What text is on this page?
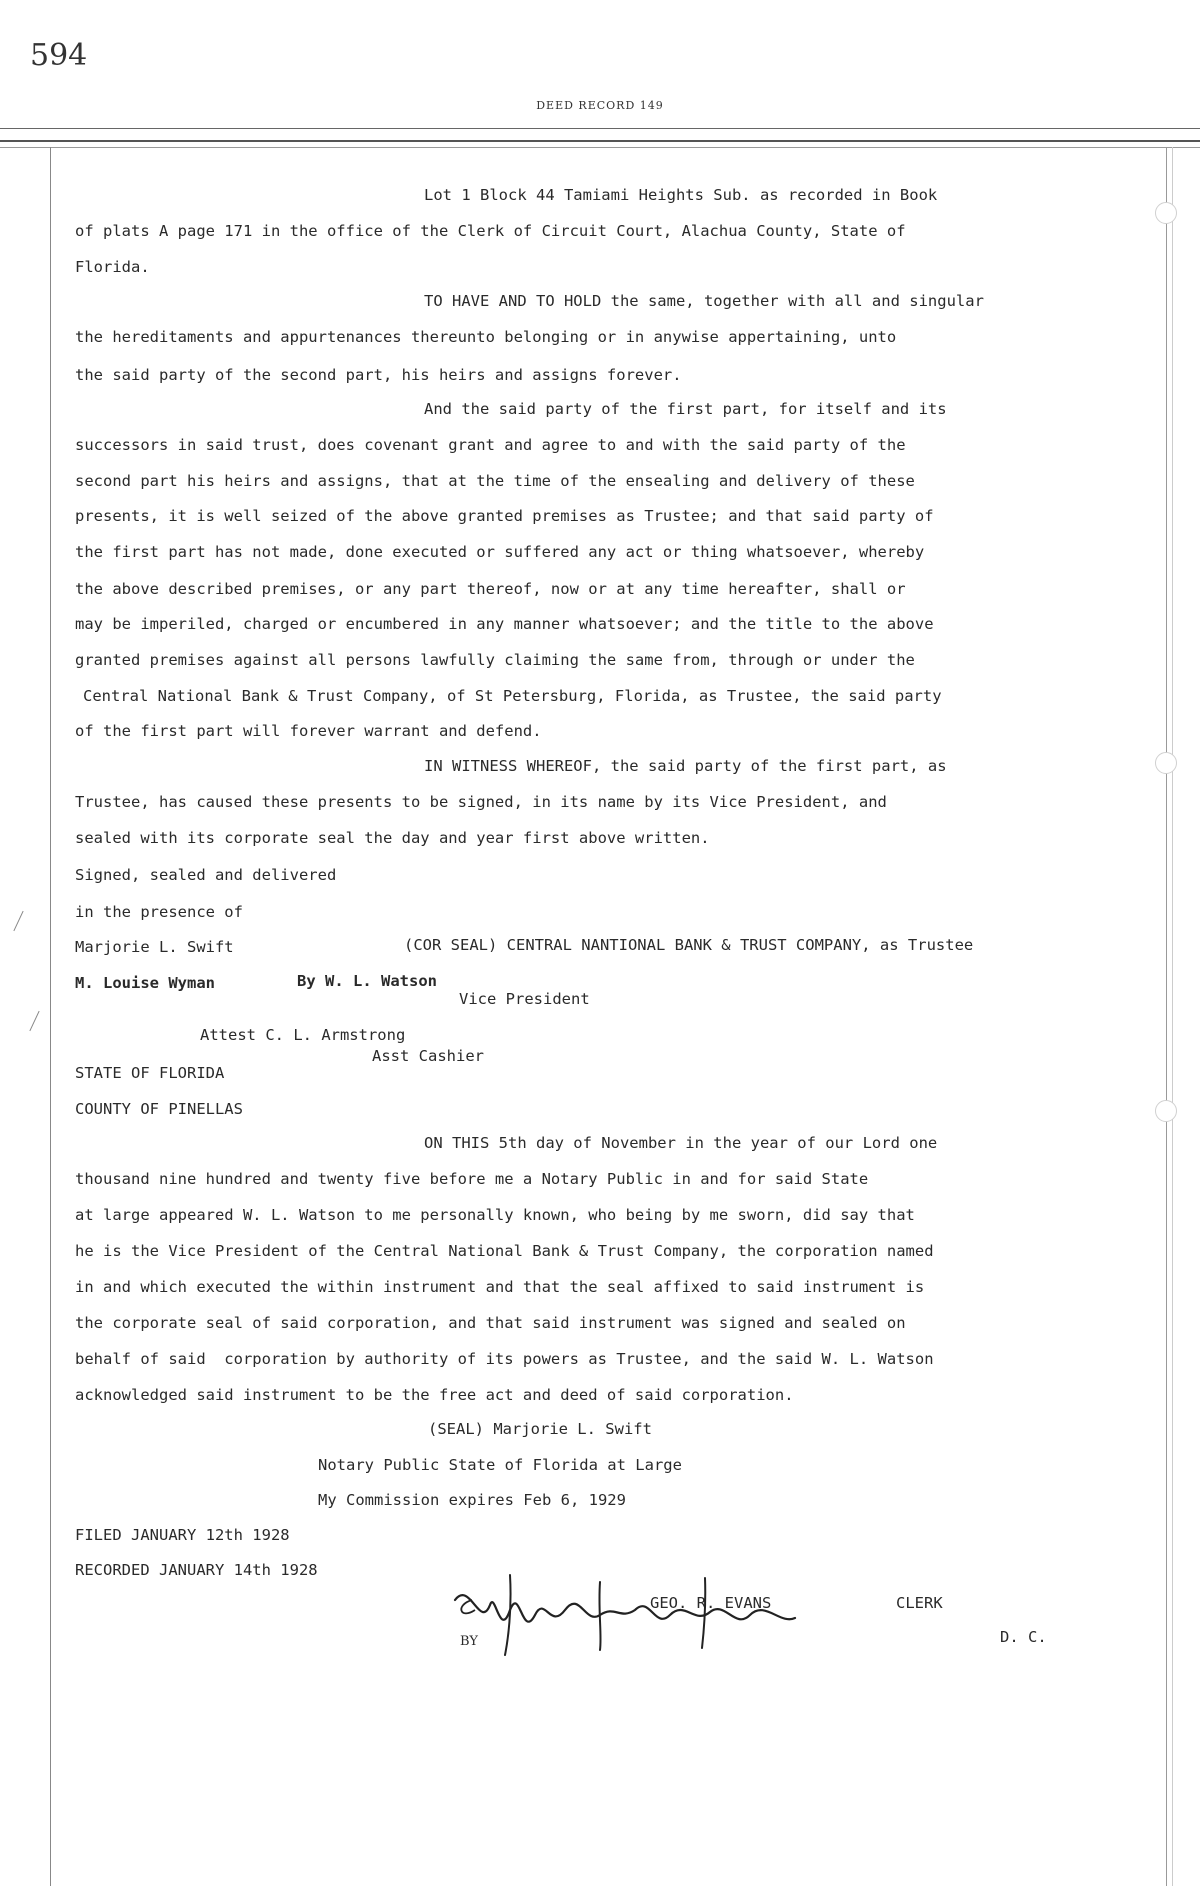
594
DEED RECORD 149
Lot 1 Block 44 Tamiami Heights Sub. as recorded in Book
of plats A page 171 in the office of the Clerk of Circuit Court, Alachua County, State of
Florida.
TO HAVE AND TO HOLD the same, together with all and singular
the hereditaments and appurtenances thereunto belonging or in anywise appertaining, unto
the said party of the second part, his heirs and assigns forever.
And the said party of the first part, for itself and its
successors in said trust, does covenant grant and agree to and with the said party of the
second part his heirs and assigns, that at the time of the ensealing and delivery of these
presents, it is well seized of the above granted premises as Trustee; and that said party of
the first part has not made, done executed or suffered any act or thing whatsoever, whereby
the above described premises, or any part thereof, now or at any time hereafter, shall or
may be imperiled, charged or encumbered in any manner whatsoever; and the title to the above
granted premises against all persons lawfully claiming the same from, through or under the
Central National Bank & Trust Company, of St Petersburg, Florida, as Trustee, the said party
of the first part will forever warrant and defend.
IN WITNESS WHEREOF, the said party of the first part, as
Trustee, has caused these presents to be signed, in its name by its Vice President, and
sealed with its corporate seal the day and year first above written.
Signed, sealed and delivered
in the presence of
Marjorie L. Swift	(COR SEAL) CENTRAL NANTIONAL BANK & TRUST COMPANY, as Trustee
M. Louise Wyman	By W. L. Watson
Vice President
Attest C. L. Armstrong
Asst Cashier
STATE OF FLORIDA
COUNTY OF PINELLAS
ON THIS 5th day of November in the year of our Lord one
thousand nine hundred and twenty five before me a Notary Public in and for said State
at large appeared W. L. Watson to me personally known, who being by me sworn, did say that
he is the Vice President of the Central National Bank & Trust Company, the corporation named
in and which executed the within instrument and that the seal affixed to said instrument is
the corporate seal of said corporation, and that said instrument was signed and sealed on
behalf of said  corporation by authority of its powers as Trustee, and the said W. L. Watson
acknowledged said instrument to be the free act and deed of said corporation.
(SEAL) Marjorie L. Swift
Notary Public State of Florida at Large
My Commission expires Feb 6, 1929
FILED JANUARY 12th 1928
RECORDED JANUARY 14th 1928
GEO. R. EVANS	CLERK
BY	D. C.
